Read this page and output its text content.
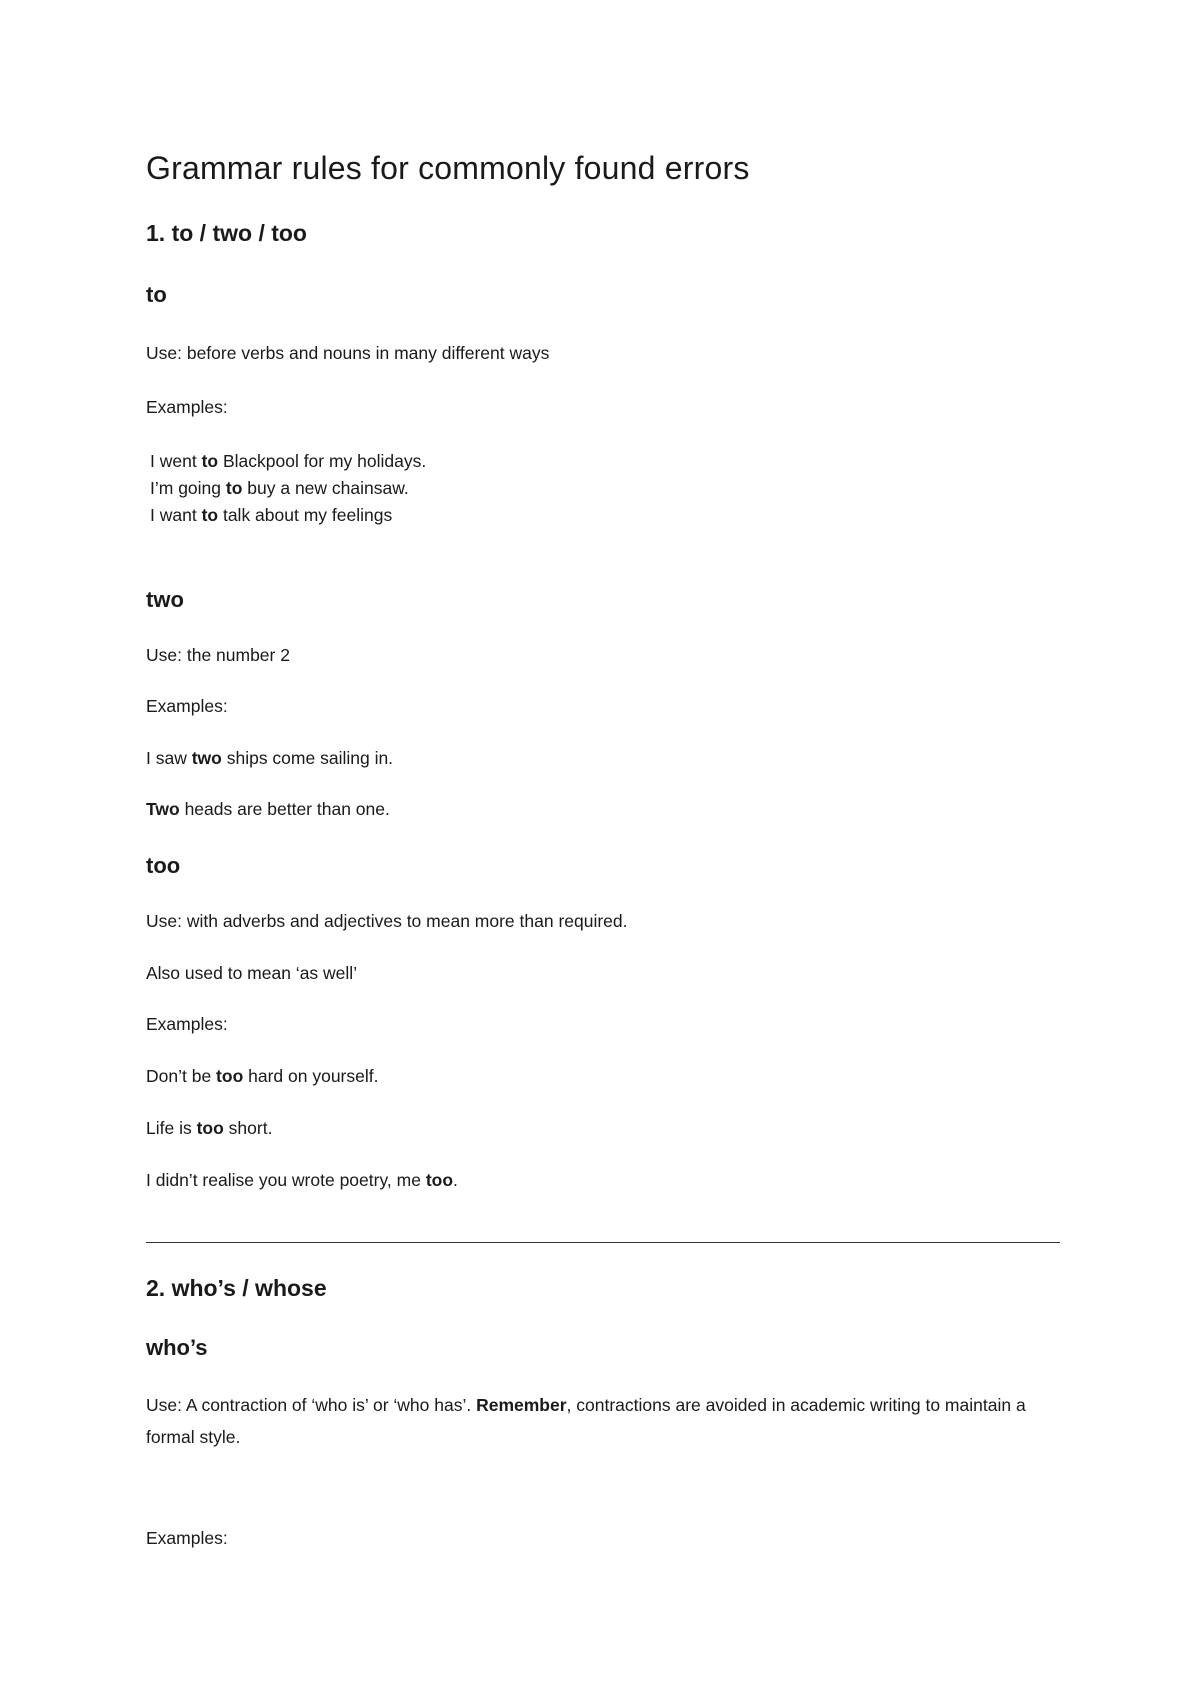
Grammar rules for commonly found errors
1. to / two / too
to
Use: before verbs and nouns in many different ways
Examples:
I went to Blackpool for my holidays.
I’m going to buy a new chainsaw.
I want to talk about my feelings
two
Use: the number 2
Examples:
I saw two ships come sailing in.
Two heads are better than one.
too
Use: with adverbs and adjectives to mean more than required.
Also used to mean ‘as well’
Examples:
Don’t be too hard on yourself.
Life is too short.
I didn’t realise you wrote poetry, me too.
2. who’s / whose
who’s
Use: A contraction of ‘who is’ or ‘who has’. Remember, contractions are avoided in academic writing to maintain a formal style.
Examples:
